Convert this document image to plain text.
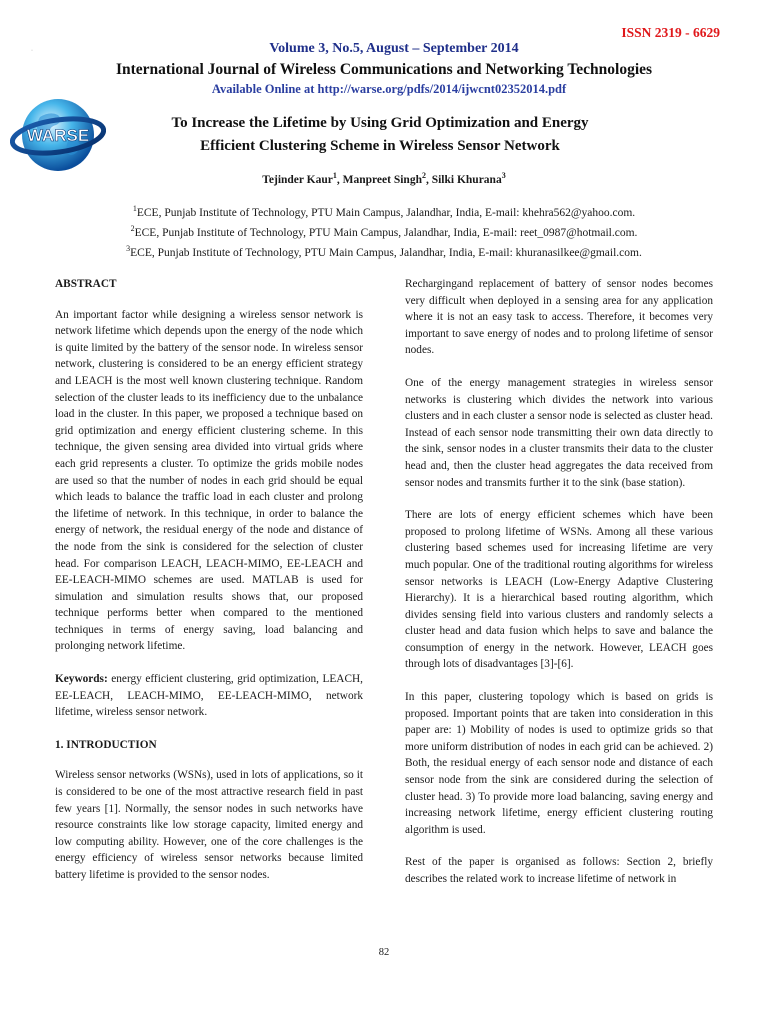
·
ISSN 2319 - 6629
Volume 3, No.5, August – September 2014
International Journal of Wireless Communications and Networking Technologies
Available Online at http://warse.org/pdfs/2014/ijwcnt02352014.pdf
WARSE
To Increase the Lifetime by Using Grid Optimization and Energy
Efficient Clustering Scheme in Wireless Sensor Network
Tejinder Kaur$^1$, Manpreet Singh$^2$, Silki Khurana$^3$
$^1$ECE, Punjab Institute of Technology, PTU Main Campus, Jalandhar, India, E-mail: khehra562@yahoo.com.
$^2$ECE, Punjab Institute of Technology, PTU Main Campus, Jalandhar, India, E-mail: reet_0987@hotmail.com.
$^3$ECE, Punjab Institute of Technology, PTU Main Campus, Jalandhar, India, E-mail: khuranasilkee@gmail.com.

ABSTRACT

An important factor while designing a wireless sensor network is network lifetime which depends upon the energy of the node which is quite limited by the battery of the sensor node. In wireless sensor network, clustering is considered to be an energy efficient strategy and LEACH is the most well known clustering technique. Random selection of the cluster leads to its inefficiency due to the unbalance load in the cluster. In this paper, we proposed a technique based on grid optimization and energy efficient clustering scheme. In this technique, the given sensing area divided into virtual grids where each grid represents a cluster. To optimize the grids mobile nodes are used so that the number of nodes in each grid should be equal which leads to balance the traffic load in each cluster and prolong the lifetime of network. In this technique, in order to balance the energy of network, the residual energy of the node and distance of the node from the sink is considered for the selection of cluster head. For comparison LEACH, LEACH-MIMO, EE-LEACH and EE-LEACH-MIMO schemes are used. MATLAB is used for simulation and simulation results shows that, our proposed technique performs better when compared to the mentioned techniques in terms of energy saving, load balancing and prolonging network lifetime.

Keywords: energy efficient clustering, grid optimization, LEACH, EE-LEACH, LEACH-MIMO, EE-LEACH-MIMO, network lifetime, wireless sensor network.

1. INTRODUCTION

Wireless sensor networks (WSNs), used in lots of applications, so it is considered to be one of the most attractive research field in past few years [1]. Normally, the sensor nodes in such networks have resource constraints like low storage capacity, limited energy and low computing ability. However, one of the core challenges is the energy efficiency of wireless sensor networks because limited battery lifetime is provided to the sensor nodes.

Rechargingand replacement of battery of sensor nodes becomes very difficult when deployed in a sensing area for any application where it is not an easy task to access. Therefore, it becomes very important to save energy of nodes and to prolong lifetime of sensor nodes.

One of the energy management strategies in wireless sensor networks is clustering which divides the network into various clusters and in each cluster a sensor node is selected as cluster head. Instead of each sensor node transmitting their own data directly to the sink, sensor nodes in a cluster transmits their data to the cluster head and, then the cluster head aggregates the data received from sensor nodes and transmits further it to the sink (base station).

There are lots of energy efficient schemes which have been proposed to prolong lifetime of WSNs. Among all these various clustering based schemes used for increasing lifetime are very much popular. One of the traditional routing algorithms for wireless sensor networks is LEACH (Low-Energy Adaptive Clustering Hierarchy). It is a hierarchical based routing algorithm, which divides sensing field into various clusters and randomly selects a cluster head and data fusion which helps to save and balance the consumption of energy in the network. However, LEACH goes through lots of disadvantages [3]-[6].

In this paper, clustering topology which is based on grids is proposed. Important points that are taken into consideration in this paper are: 1) Mobility of nodes is used to optimize grids so that more uniform distribution of nodes in each grid can be achieved. 2) Both, the residual energy of each sensor node and distance of each sensor node from the sink are considered during the selection of cluster head. 3) To provide more load balancing, saving energy and increasing network lifetime, energy efficient clustering routing algorithm is used.

Rest of the paper is organised as follows: Section 2, briefly describes the related work to increase lifetime of network in

82
